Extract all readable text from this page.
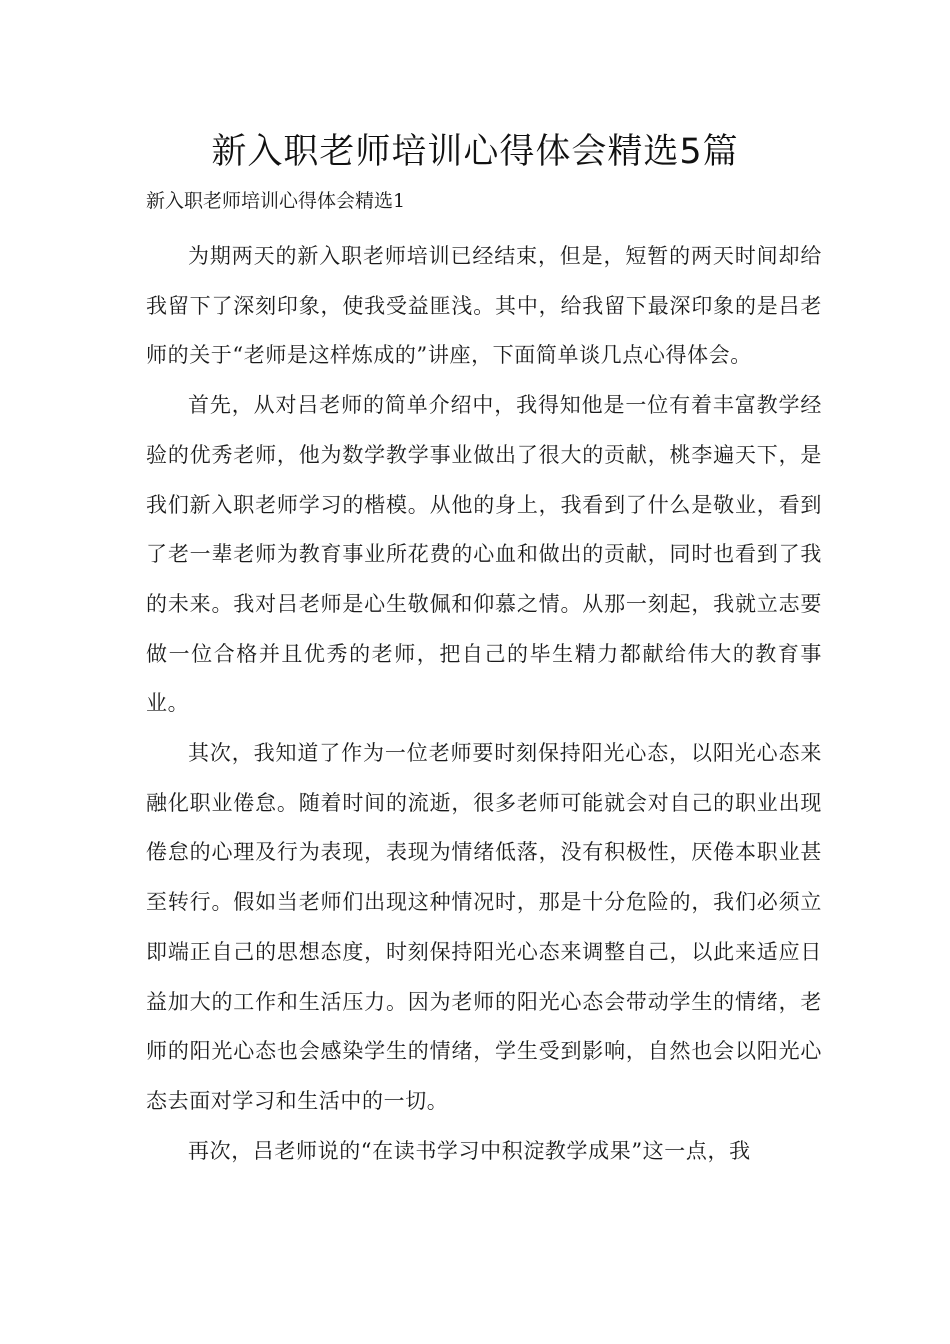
新入职老师培训心得体会精选5篇
新入职老师培训心得体会精选1

为期两天的新入职老师培训已经结束，但是，短暂的两天时间却给我留下了深刻印象，使我受益匪浅。其中，给我留下最深印象的是吕老师的关于“老师是这样炼成的”讲座，下面简单谈几点心得体会。

首先，从对吕老师的简单介绍中，我得知他是一位有着丰富教学经验的优秀老师，他为数学教学事业做出了很大的贡献，桃李遍天下，是我们新入职老师学习的楷模。从他的身上，我看到了什么是敬业，看到了老一辈老师为教育事业所花费的心血和做出的贡献，同时也看到了我的未来。我对吕老师是心生敬佩和仰慕之情。从那一刻起，我就立志要做一位合格并且优秀的老师，把自己的毕生精力都献给伟大的教育事业。

其次，我知道了作为一位老师要时刻保持阳光心态，以阳光心态来融化职业倦怠。随着时间的流逝，很多老师可能就会对自己的职业出现倦怠的心理及行为表现，表现为情绪低落，没有积极性，厌倦本职业甚至转行。假如当老师们出现这种情况时，那是十分危险的，我们必须立即端正自己的思想态度，时刻保持阳光心态来调整自己，以此来适应日益加大的工作和生活压力。因为老师的阳光心态会带动学生的情绪，老师的阳光心态也会感染学生的情绪，学生受到影响，自然也会以阳光心态去面对学习和生活中的一切。

再次，吕老师说的“在读书学习中积淀教学成果”这一点，我
